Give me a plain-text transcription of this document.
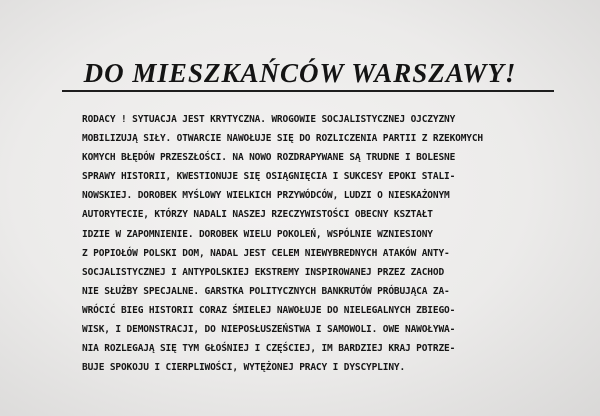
DO MIESZKAŃCÓW WARSZAWY!
RODACY ! SYTUACJA JEST KRYTYCZNA. WROGOWIE SOCJALISTYCZNEJ OJCZYZNY
MOBILIZUJĄ SIŁY. OTWARCIE NAWOŁUJE SIĘ DO ROZLICZENIA PARTII Z RZEKOMYCH
KOMYCH BŁĘDÓW PRZESZŁOŚCI. NA NOWO ROZDRAPYWANE SĄ TRUDNE I BOLESNE
SPRAWY HISTORII, KWESTIONUJE SIĘ OSIĄGNIĘCIA I SUKCESY EPOKI STALI-
NOWSKIEJ. DOROBEK MYŚLOWY WIELKICH PRZYWÓDCÓW, LUDZI O NIESKAŻONYM
AUTORYTECIE, KTÓRZY NADALI NASZEJ RZECZYWISTOŚCI OBECNY KSZTAŁT
IDZIE W ZAPOMNIENIE. DOROBEK WIELU POKOLEŃ, WSPÓLNIE WZNIESIONY
Z POPIOŁÓW POLSKI DOM, NADAL JEST CELEM NIEWYBREDNYCH ATAKÓW ANTY-
SOCJALISTYCZNEJ I ANTYPOLSKIEJ EKSTREMY INSPIROWANEJ PRZEZ ZACHOD
NIE SŁUŻBY SPECJALNE. GARSTKA POLITYCZNYCH BANKRUTÓW PRÓBUJĄCA ZA-
WRÓCIĆ BIEG HISTORII CORAZ ŚMIELEJ NAWOŁUJE DO NIELEGALNYCH ZBIEGO-
WISK, I DEMONSTRACJI, DO NIEPOSŁUSZEŃSTWA I SAMOWOLI. OWE NAWOŁYWA-
NIA ROZLEGAJĄ SIĘ TYM GŁOŚNIEJ I CZĘŚCIEJ, IM BARDZIEJ KRAJ POTRZE-
BUJE SPOKOJU I CIERPLIWOŚCI, WYTĘŻONEJ PRACY I DYSCYPLINY.
